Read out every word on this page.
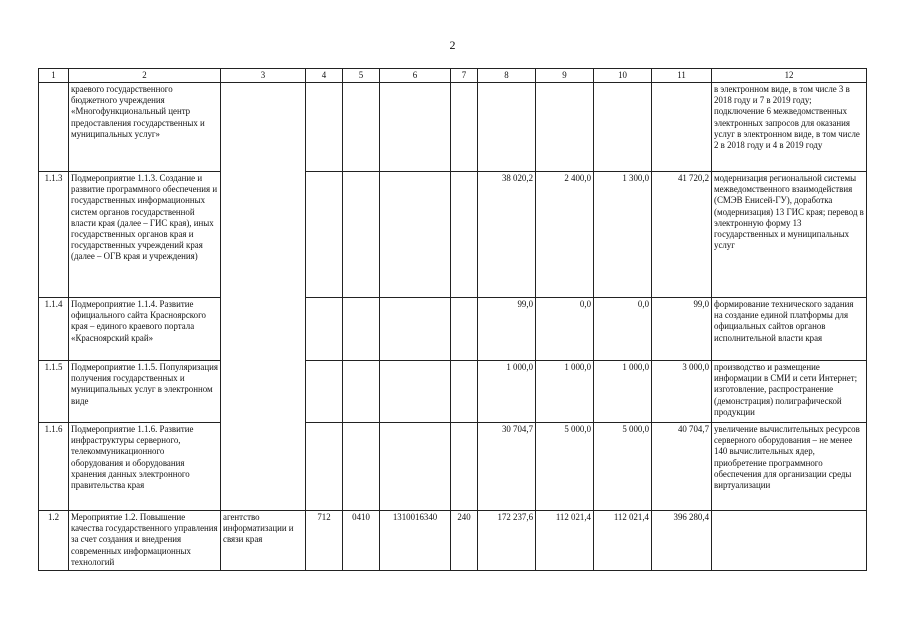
2
1	2	3	4	5	6	7	8	9	10	11	12
	краевого государственного бюджетного учреждения «Многофункциональный центр предоставления государственных и муниципальных услуг»										в электронном виде, в том числе 3 в 2018 году и 7 в 2019 году; подключение 6 межведомственных электронных запросов для оказания услуг в электронном виде, в том числе 2 в 2018 году и 4 в 2019 году
1.1.3	Подмероприятие 1.1.3. Создание и развитие программного обеспечения и государственных информационных систем органов государственной власти края (далее – ГИС края), иных государственных органов края и государственных учреждений края (далее – ОГВ края и учреждения)						38 020,2	2 400,0	1 300,0	41 720,2	модернизация региональной системы межведомственного взаимодействия (СМЭВ Енисей-ГУ), доработка (модернизация) 13 ГИС края; перевод в электронную форму 13 государственных и муниципальных услуг
1.1.4	Подмероприятие 1.1.4. Развитие официального сайта Красноярского края – единого краевого портала «Красноярский край»						99,0	0,0	0,0	99,0	формирование технического задания на создание единой платформы для официальных сайтов органов исполнительной власти края
1.1.5	Подмероприятие 1.1.5. Популяризация получения государственных и муниципальных услуг в электронном виде						1 000,0	1 000,0	1 000,0	3 000,0	производство и размещение информации в СМИ и сети Интернет; изготовление, распространение (демонстрация) полиграфической продукции
1.1.6	Подмероприятие 1.1.6. Развитие инфраструктуры серверного, телекоммуникационного оборудования и оборудования хранения данных электронного правительства края						30 704,7	5 000,0	5 000,0	40 704,7	увеличение вычислительных ресурсов серверного оборудования – не менее 140 вычислительных ядер, приобретение программного обеспечения для организации среды виртуализации
1.2	Мероприятие 1.2. Повышение качества государственного управления за счет создания и внедрения современных информационных технологий	агентство информатизации и связи края	712	0410	1310016340	240	172 237,6	112 021,4	112 021,4	396 280,4	
